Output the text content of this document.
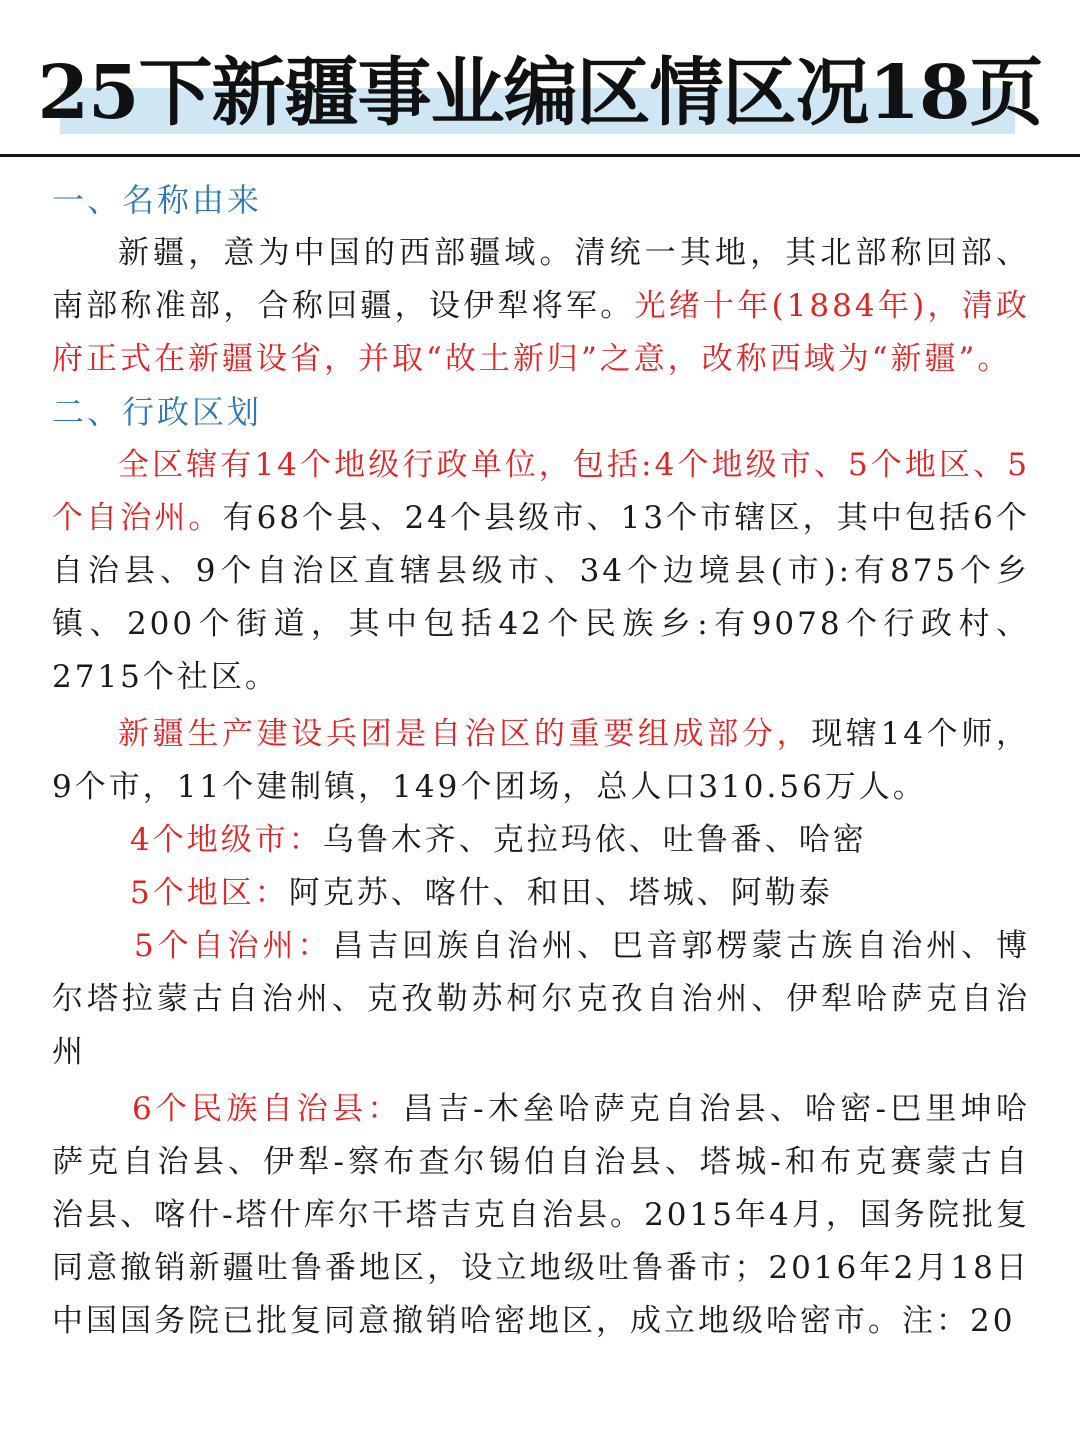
25下新疆事业编区情区况18页

一、名称由来

新疆，意为中国的西部疆域。清统一其地，其北部称回部、南部称准部，合称回疆，设伊犁将军。光绪十年(1884年)，清政府正式在新疆设省，并取“故土新归”之意，改称西域为“新疆”。

二、行政区划

全区辖有14个地级行政单位，包括:4个地级市、5个地区、5个自治州。有68个县、24个县级市、13个市辖区，其中包括6个自治县、9个自治区直辖县级市、34个边境县(市):有875个乡镇、200个街道，其中包括42个民族乡:有9078个行政村、2715个社区。

新疆生产建设兵团是自治区的重要组成部分，现辖14个师，9个市，11个建制镇，149个团场，总人口310.56万人。

4个地级市：乌鲁木齐、克拉玛依、吐鲁番、哈密

5个地区：阿克苏、喀什、和田、塔城、阿勒泰

5个自治州：昌吉回族自治州、巴音郭楞蒙古族自治州、博尔塔拉蒙古自治州、克孜勒苏柯尔克孜自治州、伊犁哈萨克自治州

6个民族自治县：昌吉-木垒哈萨克自治县、哈密-巴里坤哈萨克自治县、伊犁-察布查尔锡伯自治县、塔城-和布克赛蒙古自治县、喀什-塔什库尔干塔吉克自治县。2015年4月，国务院批复同意撤销新疆吐鲁番地区，设立地级吐鲁番市；2016年2月18日中国国务院已批复同意撤销哈密地区，成立地级哈密市。注：20
